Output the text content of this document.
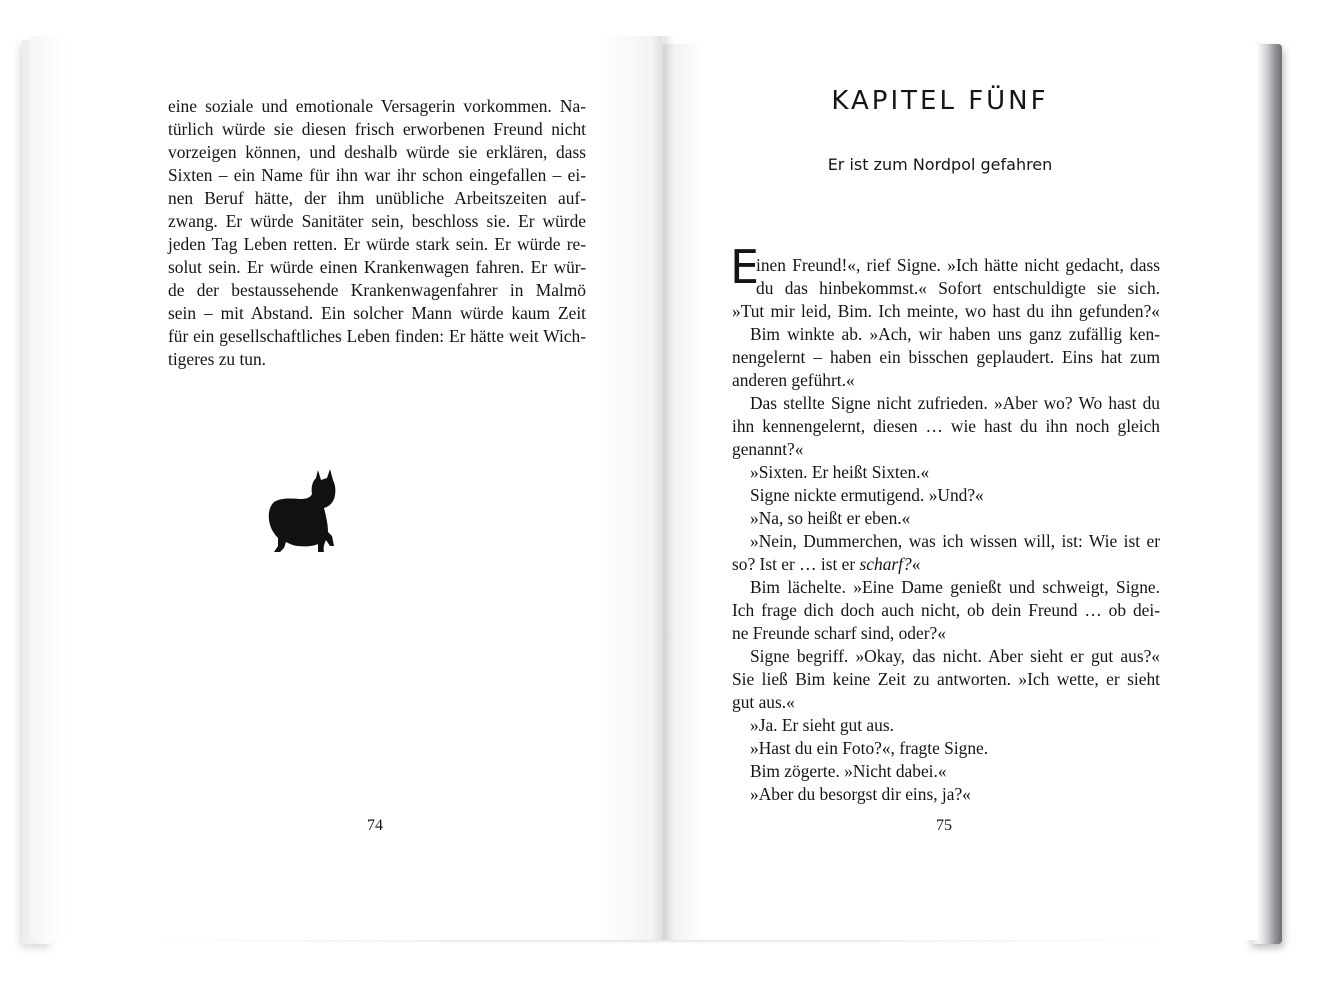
eine soziale und emotionale Versagerin vorkommen. Na-
türlich würde sie diesen frisch erworbenen Freund nicht
vorzeigen können, und deshalb würde sie erklären, dass
Sixten – ein Name für ihn war ihr schon eingefallen – ei-
nen Beruf hätte, der ihm unübliche Arbeitszeiten auf-
zwang. Er würde Sanitäter sein, beschloss sie. Er würde
jeden Tag Leben retten. Er würde stark sein. Er würde re-
solut sein. Er würde einen Krankenwagen fahren. Er wür-
de der bestaussehende Krankenwagenfahrer in Malmö
sein – mit Abstand. Ein solcher Mann würde kaum Zeit
für ein gesellschaftliches Leben finden: Er hätte weit Wich-
tigeres zu tun.
74
KAPITEL FÜNF
Er ist zum Nordpol gefahren
E
inen Freund!«, rief Signe. »Ich hätte nicht gedacht, dass
du das hinbekommst.« Sofort entschuldigte sie sich.
»Tut mir leid, Bim. Ich meinte, wo hast du ihn gefunden?«
Bim winkte ab. »Ach, wir haben uns ganz zufällig ken-
nengelernt – haben ein bisschen geplaudert. Eins hat zum
anderen geführt.«
Das stellte Signe nicht zufrieden. »Aber wo? Wo hast du
ihn kennengelernt, diesen … wie hast du ihn noch gleich
genannt?«
»Sixten. Er heißt Sixten.«
Signe nickte ermutigend. »Und?«
»Na, so heißt er eben.«
»Nein, Dummerchen, was ich wissen will, ist: Wie ist er
so? Ist er … ist er scharf?«
Bim lächelte. »Eine Dame genießt und schweigt, Signe.
Ich frage dich doch auch nicht, ob dein Freund … ob dei-
ne Freunde scharf sind, oder?«
Signe begriff. »Okay, das nicht. Aber sieht er gut aus?«
Sie ließ Bim keine Zeit zu antworten. »Ich wette, er sieht
gut aus.«
»Ja. Er sieht gut aus.
»Hast du ein Foto?«, fragte Signe.
Bim zögerte. »Nicht dabei.«
»Aber du besorgst dir eins, ja?«
75
